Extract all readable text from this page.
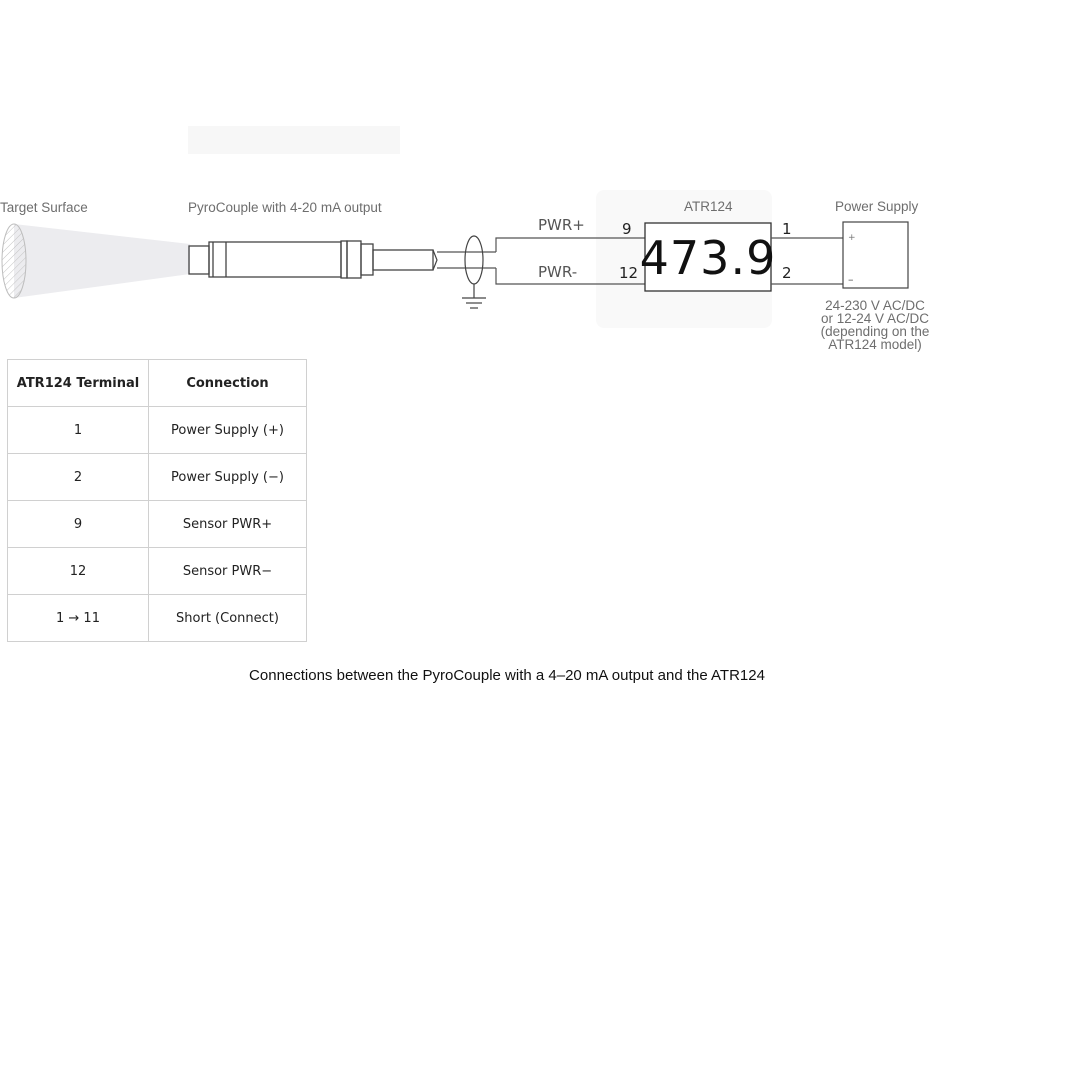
Target Surface	PyroCouple with 4-20 mA output	ATR124	Power Supply
PWR+
PWR-
9
12 473.9
1
2
+
–
24-230 V AC/DC
or 12-24 V AC/DC
(depending on the
ATR124 model)
ATR124 Terminal	Connection
1	Power Supply (+)
2	Power Supply (−)
9	Sensor PWR+
12	Sensor PWR−
1 → 11	Short (Connect)
Connections between the PyroCouple with a 4–20 mA output and the ATR124
